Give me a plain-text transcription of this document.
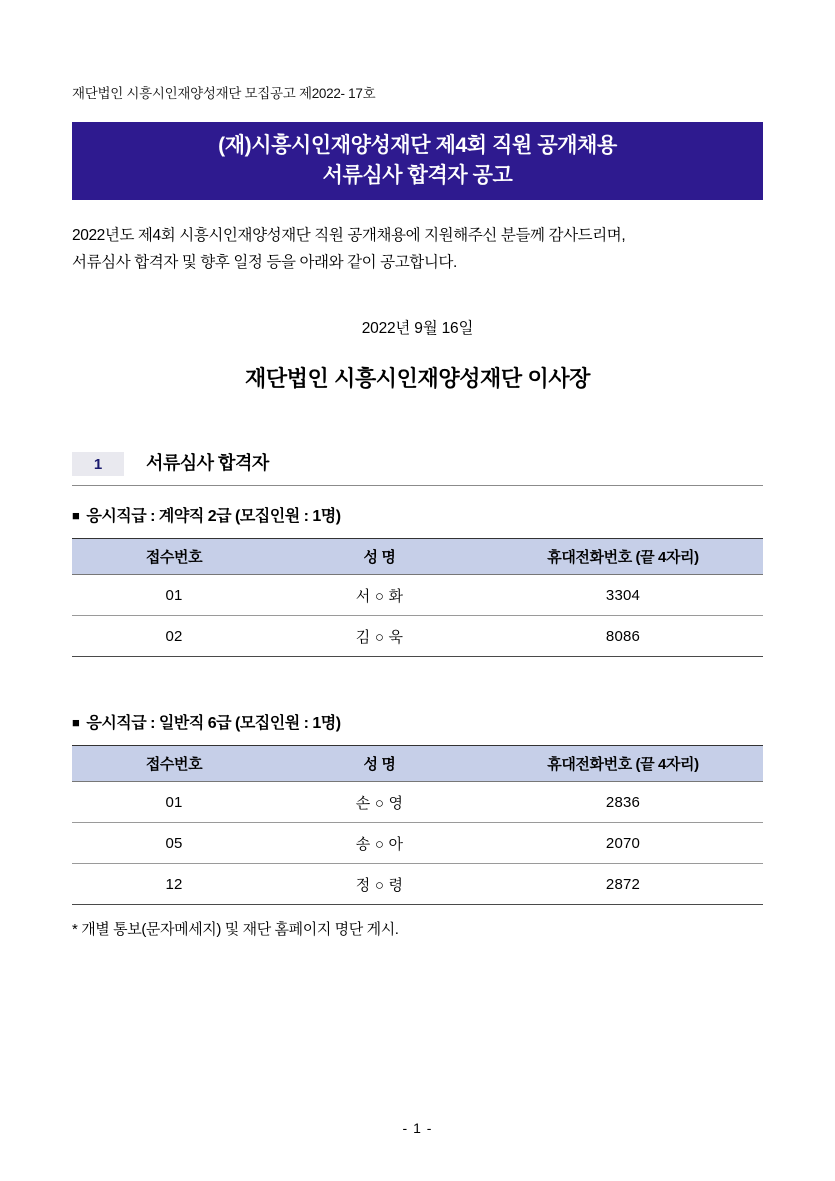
재단법인 시흥시인재양성재단 모집공고 제2022- 17호
(재)시흥시인재양성재단 제4회 직원 공개채용
서류심사 합격자 공고
2022년도 제4회 시흥시인재양성재단 직원 공개채용에 지원해주신 분들께 감사드리며,
서류심사 합격자 및 향후 일정 등을 아래와 같이 공고합니다.
2022년 9월 16일
재단법인 시흥시인재양성재단 이사장
1	서류심사 합격자
■ 응시직급 : 계약직 2급 (모집인원 : 1명)
접수번호	성 명	휴대전화번호 (끝 4자리)
01	서 ○ 화	3304
02	김 ○ 욱	8086
■ 응시직급 : 일반직 6급 (모집인원 : 1명)
접수번호	성 명	휴대전화번호 (끝 4자리)
01	손 ○ 영	2836
05	송 ○ 아	2070
12	정 ○ 령	2872
* 개별 통보(문자메세지) 및 재단 홈페이지 명단 게시.
- 1 -
